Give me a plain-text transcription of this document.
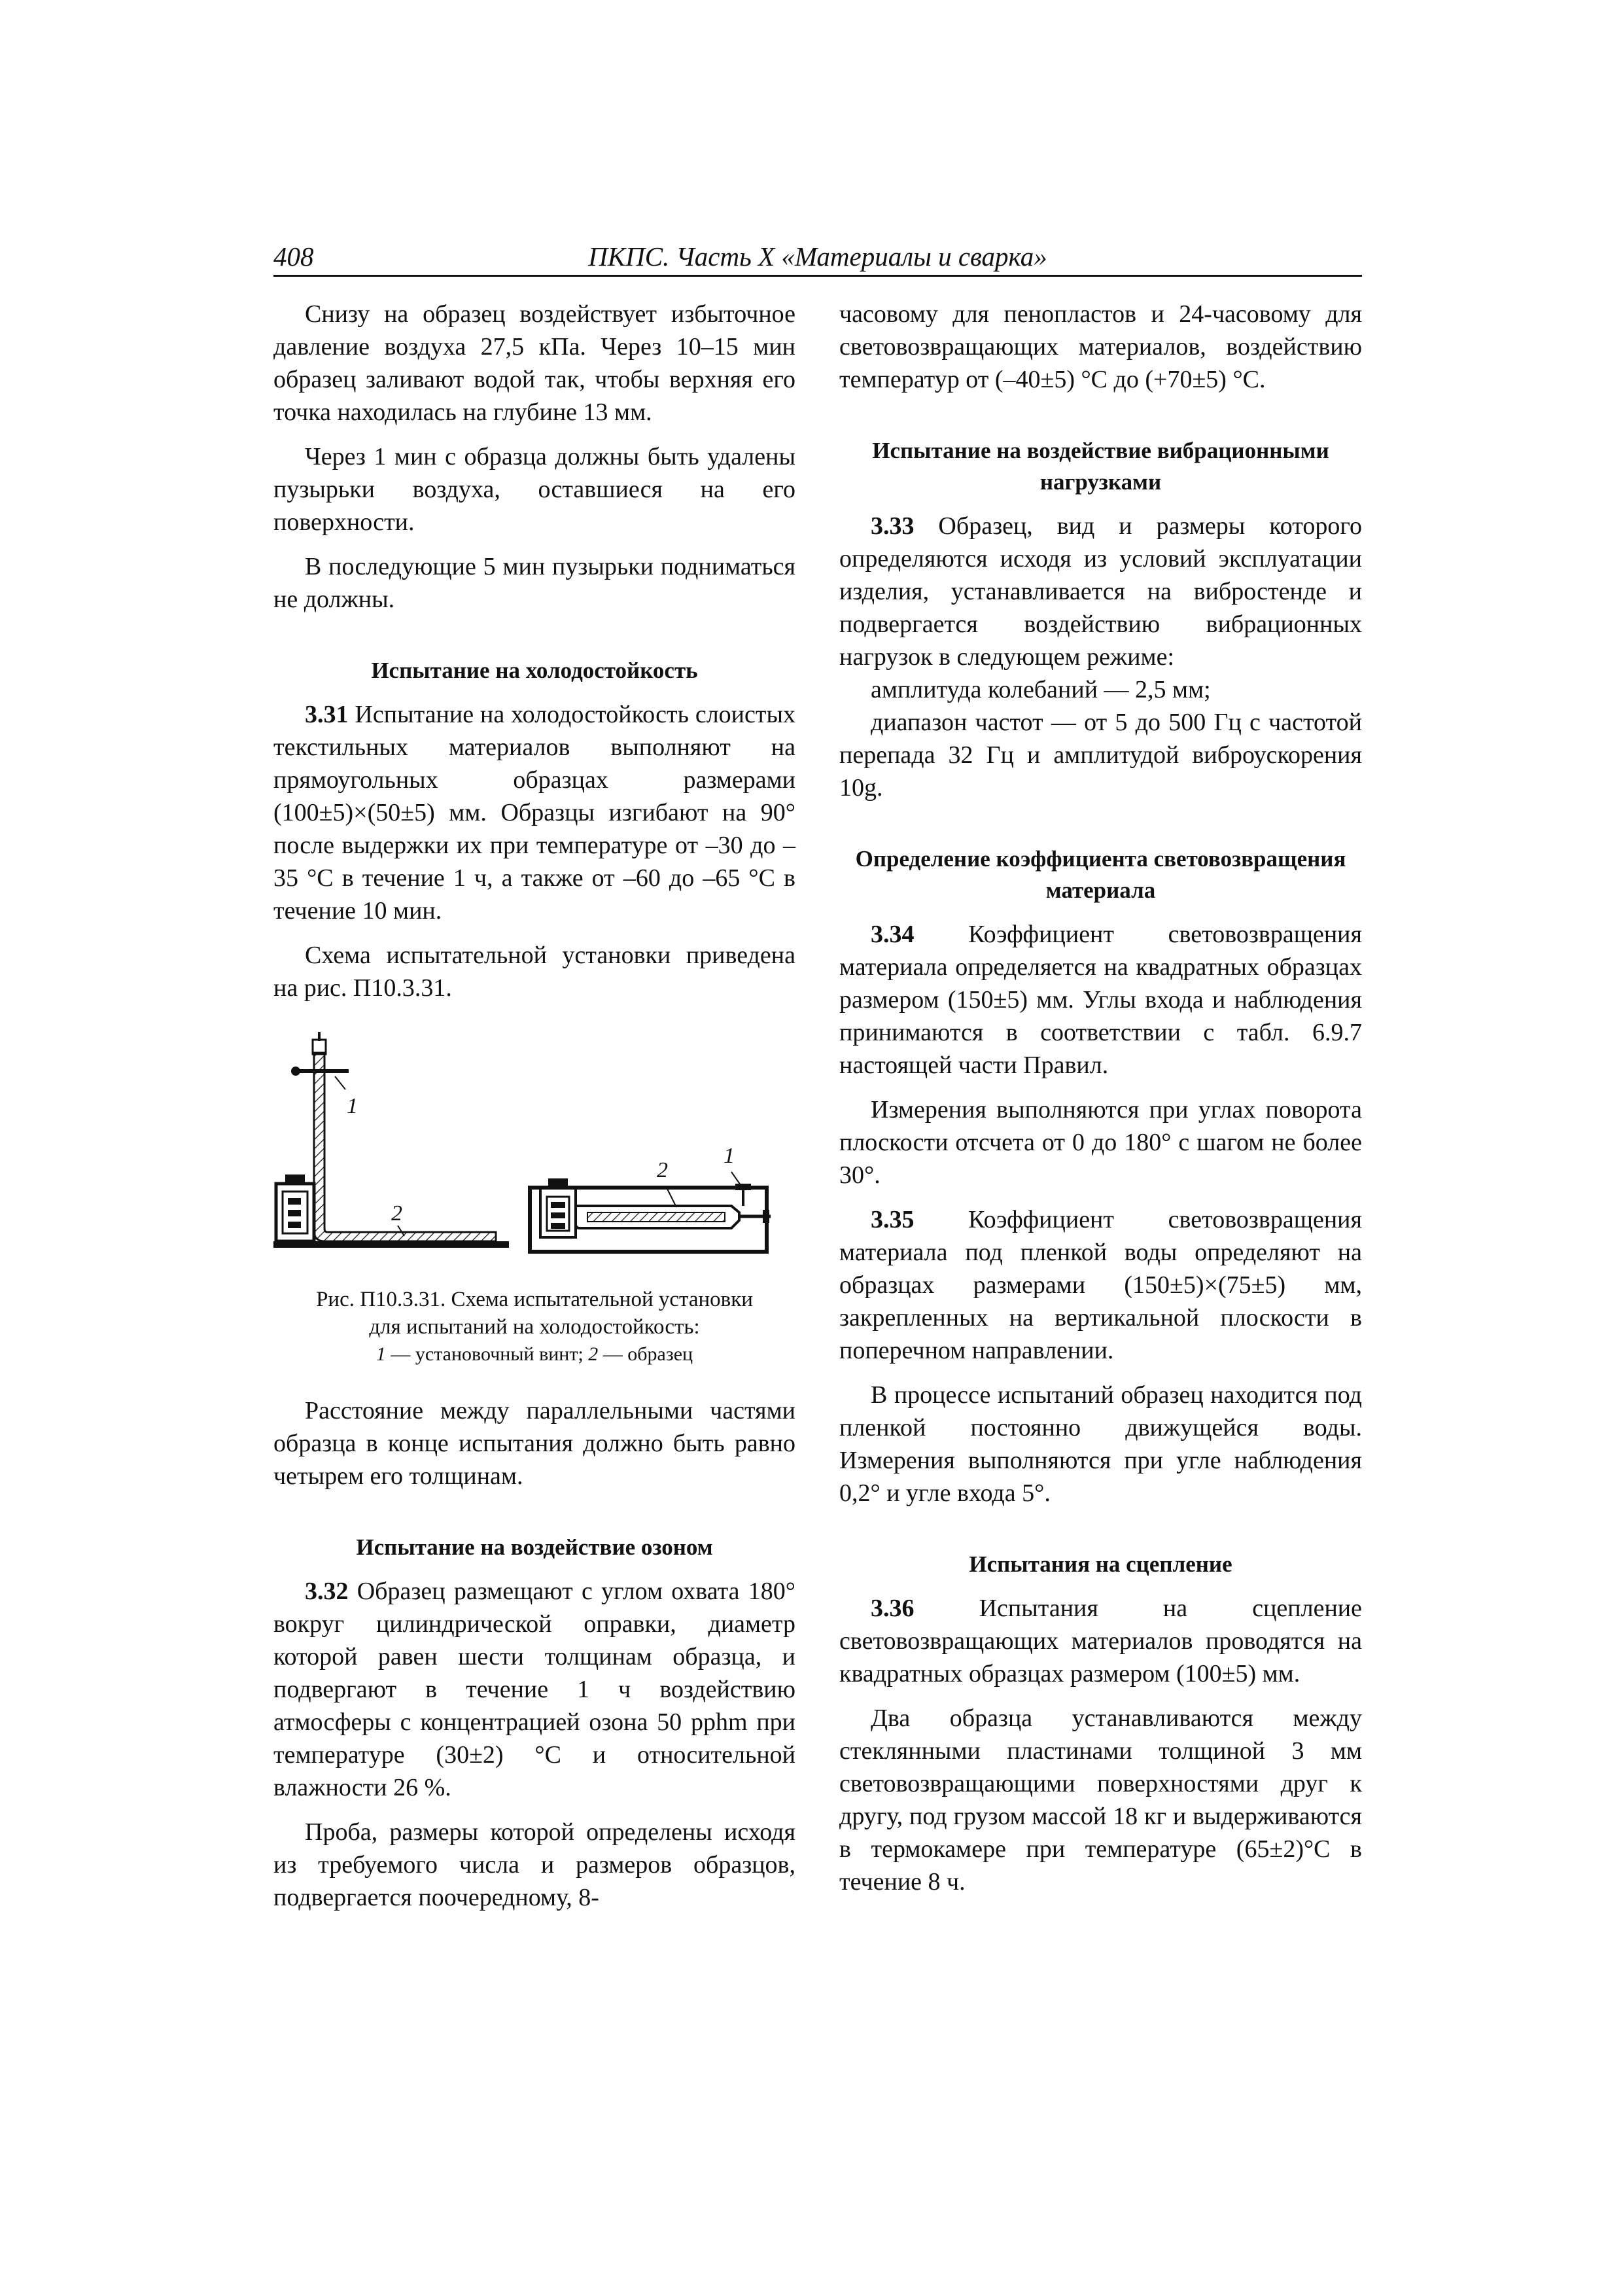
408	ПКПС. Часть X «Материалы и сварка»

Снизу на образец воздействует избыточное давление воздуха 27,5 кПа. Через 10–15 мин образец заливают водой так, чтобы верхняя его точка находилась на глубине 13 мм.

Через 1 мин с образца должны быть удалены пузырьки воздуха, оставшиеся на его поверхности.

В последующие 5 мин пузырьки подниматься не должны.

Испытание на холодостойкость

3.31 Испытание на холодостойкость слоистых текстильных материалов выполняют на прямоугольных образцах размерами (100±5)×(50±5) мм. Образцы изгибают на 90° после выдержки их при температуре от –30 до –35 °С в течение 1 ч, а также от –60 до –65 °С в течение 10 мин.

Схема испытательной установки приведена на рис. П10.3.31.

1
2
2
1
Рис. П10.3.31. Схема испытательной установки
для испытаний на холодостойкость:
1 — установочный винт; 2 — образец

Расстояние между параллельными частями образца в конце испытания должно быть равно четырем его толщинам.

Испытание на воздействие озоном

3.32 Образец размещают с углом охвата 180° вокруг цилиндрической оправки, диаметр которой равен шести толщинам образца, и подвергают в течение 1 ч воздействию атмосферы с концентрацией озона 50 pphm при температуре (30±2) °С и относительной влажности 26 %.

Проба, размеры которой определены исходя из требуемого числа и размеров образцов, подвергается поочередному, 8-

часовому для пенопластов и 24-часовому для световозвращающих материалов, воздействию температур от (–40±5) °С до (+70±5) °С.

Испытание на воздействие вибрационными нагрузками

3.33 Образец, вид и размеры которого определяются исходя из условий эксплуатации изделия, устанавливается на вибростенде и подвергается воздействию вибрационных нагрузок в следующем режиме:

амплитуда колебаний — 2,5 мм;

диапазон частот — от 5 до 500 Гц с частотой перепада 32 Гц и амплитудой виброускорения 10g.

Определение коэффициента световозвращения материала

3.34 Коэффициент световозвращения материала определяется на квадратных образцах размером (150±5) мм. Углы входа и наблюдения принимаются в соответствии с табл. 6.9.7 настоящей части Правил.

Измерения выполняются при углах поворота плоскости отсчета от 0 до 180° с шагом не более 30°.

3.35 Коэффициент световозвращения материала под пленкой воды определяют на образцах размерами (150±5)×(75±5) мм, закрепленных на вертикальной плоскости в поперечном направлении.

В процессе испытаний образец находится под пленкой постоянно движущейся воды. Измерения выполняются при угле наблюдения 0,2° и угле входа 5°.

Испытания на сцепление

3.36 Испытания на сцепление световозвращающих материалов проводятся на квадратных образцах размером (100±5) мм.

Два образца устанавливаются между стеклянными пластинами толщиной 3 мм световозвращающими поверхностями друг к другу, под грузом массой 18 кг и выдерживаются в термокамере при температуре (65±2)°С в течение 8 ч.
